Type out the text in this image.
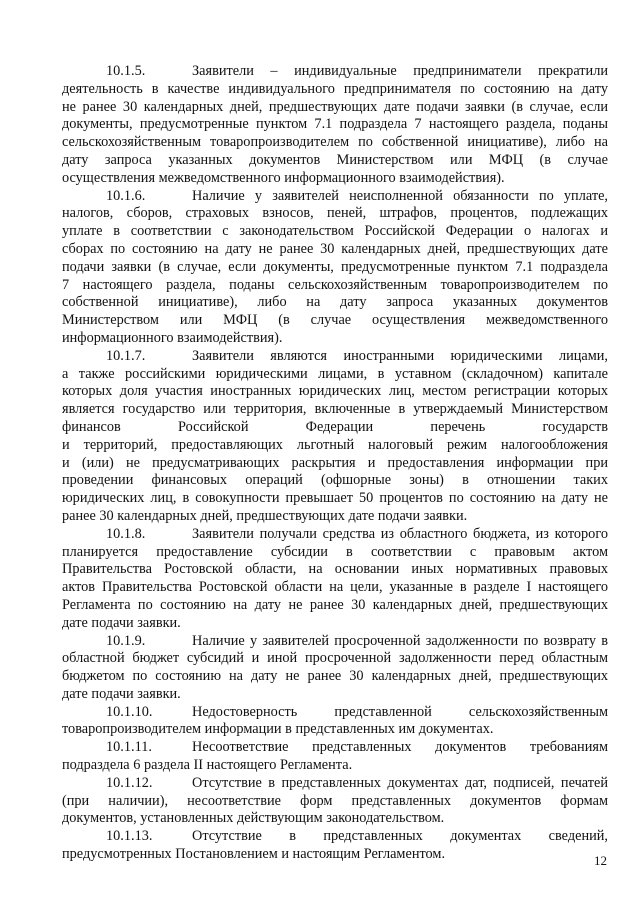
10.1.5.	Заявители – индивидуальные предприниматели прекратили
деятельность в качестве индивидуального предпринимателя по состоянию на дату
не ранее 30 календарных дней, предшествующих дате подачи заявки (в случае, если
документы, предусмотренные пунктом 7.1 подраздела 7 настоящего раздела, поданы
сельскохозяйственным товаропроизводителем по собственной инициативе), либо на
дату запроса указанных документов Министерством или МФЦ (в случае
осуществления межведомственного информационного взаимодействия).
10.1.6.	Наличие у заявителей неисполненной обязанности по уплате,
налогов, сборов, страховых взносов, пеней, штрафов, процентов, подлежащих
уплате в соответствии с законодательством Российской Федерации о налогах и
сборах по состоянию на дату не ранее 30 календарных дней, предшествующих дате
подачи заявки (в случае, если документы, предусмотренные пунктом 7.1 подраздела
7 настоящего раздела, поданы сельскохозяйственным товаропроизводителем по
собственной инициативе), либо на дату запроса указанных документов
Министерством или МФЦ (в случае осуществления межведомственного
информационного взаимодействия).
10.1.7.	Заявители являются иностранными юридическими лицами,
а также российскими юридическими лицами, в уставном (складочном) капитале
которых доля участия иностранных юридических лиц, местом регистрации которых
является государство или территория, включенные в утверждаемый Министерством
финансов Российской Федерации перечень государств
и территорий, предоставляющих льготный налоговый режим налогообложения
и (или) не предусматривающих раскрытия и предоставления информации при
проведении финансовых операций (офшорные зоны) в отношении таких
юридических лиц, в совокупности превышает 50 процентов по состоянию на дату не
ранее 30 календарных дней, предшествующих дате подачи заявки.
10.1.8.	Заявители получали средства из областного бюджета, из которого
планируется предоставление субсидии в соответствии с правовым актом
Правительства Ростовской области, на основании иных нормативных правовых
актов Правительства Ростовской области на цели, указанные в разделе I настоящего
Регламента по состоянию на дату не ранее 30 календарных дней, предшествующих
дате подачи заявки.
10.1.9.	Наличие у заявителей просроченной задолженности по возврату в
областной бюджет субсидий и иной просроченной задолженности перед областным
бюджетом по состоянию на дату не ранее 30 календарных дней, предшествующих
дате подачи заявки.
10.1.10.	Недостоверность представленной сельскохозяйственным
товаропроизводителем информации в представленных им документах.
10.1.11.	Несоответствие представленных документов требованиям
подраздела 6 раздела II настоящего Регламента.
10.1.12.	Отсутствие в представленных документах дат, подписей, печатей
(при наличии), несоответствие форм представленных документов формам
документов, установленных действующим законодательством.
10.1.13.	Отсутствие в представленных документах сведений,
предусмотренных Постановлением и настоящим Регламентом.	12
